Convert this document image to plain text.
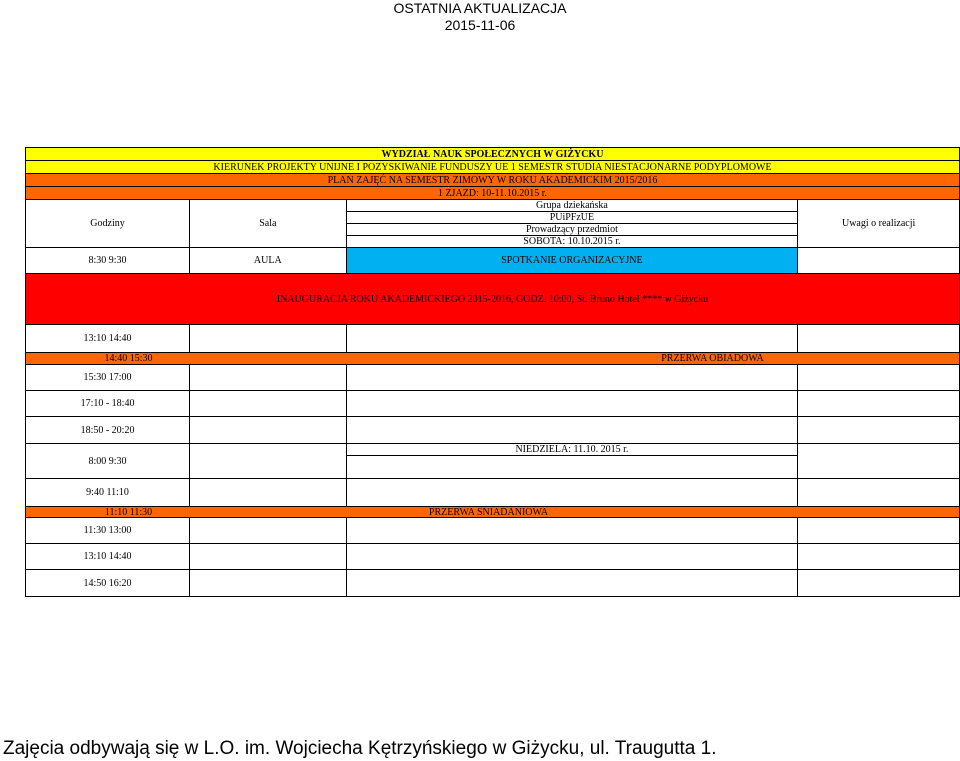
OSTATNIA AKTUALIZACJA
2015-11-06
WYDZIAŁ NAUK SPOŁECZNYCH W GIŻYCKU			
KIERUNEK PROJEKTY UNIJNE I POZYSKIWANIE FUNDUSZY UE 1 SEMESTR STUDIA NIESTACJONARNE PODYPLOMOWE			
PLAN ZAJĘĆ NA SEMESTR ZIMOWY W ROKU AKADEMICKIM 2015/2016			
1 ZJAZD: 10-11.10.2015 r.			
Godziny	Sala	Grupa dziekańska	Uwagi o realizacji
		PUiPFzUE	
		Prowadzący przedmiot	
		SOBOTA: 10.10.2015 r.	
8:30 9:30	AULA	SPOTKANIE ORGANIZACYJNE	
INAUGURACJA ROKU AKADEMICKIEGO 2015-2016, GODZ. 10:00, St. Bruno Hotel **** w Giżycku			
13:10 14:40			

14:40 15:30 PRZERWA OBIADOWA			

15:30 17:00			
17:10 - 18:40			
18:50 - 20:20			
8:00 9:30		NIEDZIELA: 11.10. 2015 r.	

9:40 11:10			

11:10 11:30 PRZERWA ŚNIADANIOWA			

11:30 13:00			
13:10 14:40			
14:50 16:20			
Zajęcia odbywają się w L.O. im. Wojciecha Kętrzyńskiego w Giżycku, ul. Traugutta 1.
